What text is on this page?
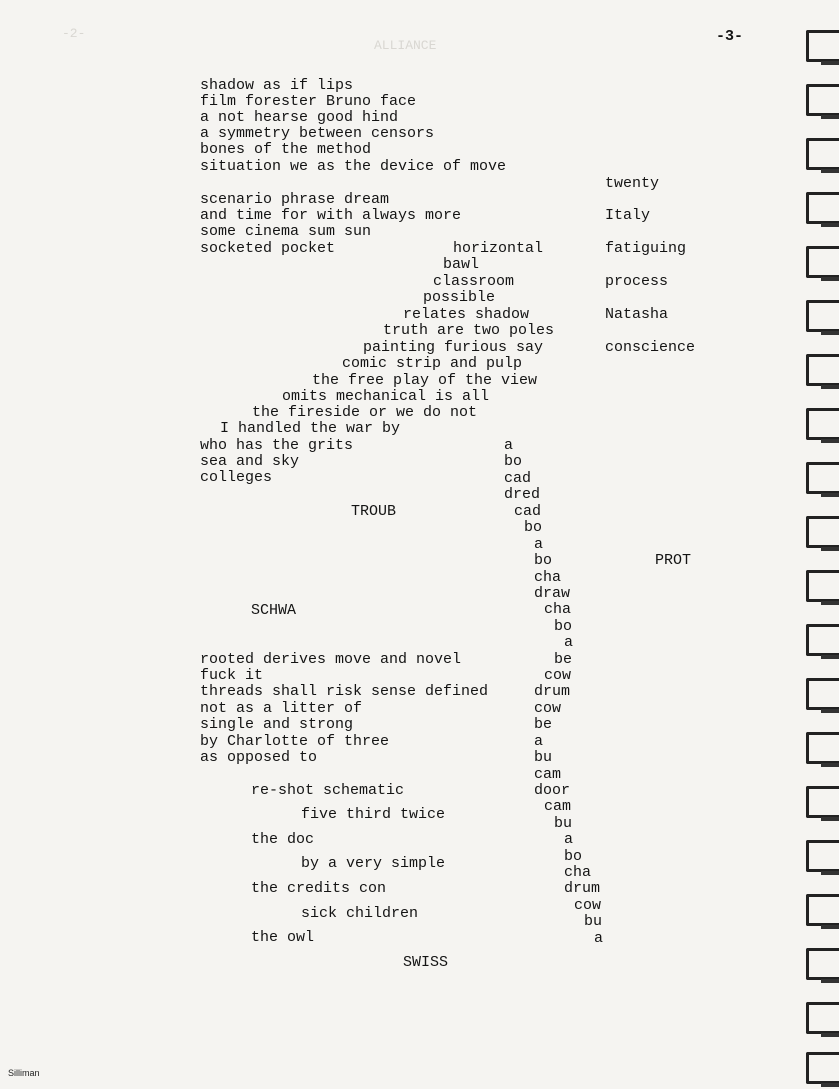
ALLIANCE
-2-	-3-
shadow as if lips
film forester Bruno face
a not hearse good hind
a symmetry between censors
bones of the method
situation we as the device of move
scenario phrase dream
and time for with always more
some cinema sum sun
socketed pocket
twenty
Italy
fatiguing
process
Natasha
conscience
horizontal
bawl
classroom
possible
relates shadow
truth are two poles
painting furious say
comic strip and pulp
the free play of the view
omits mechanical is all
the fireside or we do not
I handled the war by
who has the grits
sea and sky
colleges
TROUB
SCHWA
PROT
SWISS
a
bo
cad
dred
cad
bo
a
bo
cha
draw
cha
bo
a
be
cow
drum
cow
be
a
bu
cam
door
cam
bu
a
bo
cha
drum
cow
bu
a
rooted derives move and novel
fuck it
threads shall risk sense defined
not as a litter of
single and strong
by Charlotte of three
as opposed to
re-shot schematic
five third twice
the doc
by a very simple
the credits con
sick children
the owl
Silliman
